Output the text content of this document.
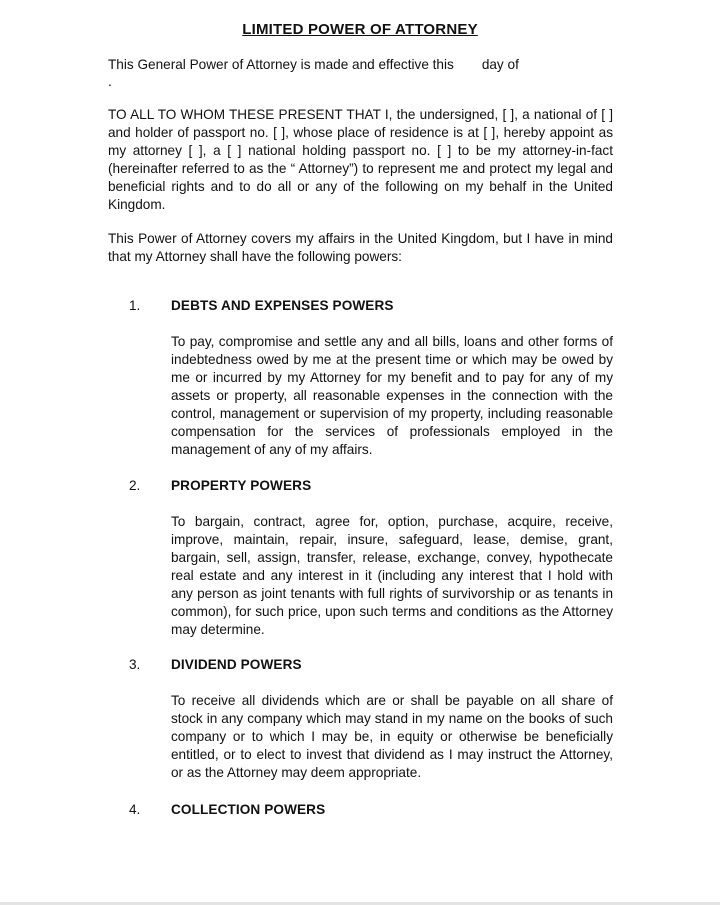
LIMITED POWER OF ATTORNEY
This General Power of Attorney is made and effective this day of
.

TO ALL TO WHOM THESE PRESENT THAT I, the undersigned, [ ], a national of [ ] and holder of passport no. [ ], whose place of residence is at [ ], hereby appoint as my attorney [ ], a [ ] national holding passport no. [ ] to be my attorney-in-fact (hereinafter referred to as the “ Attorney”) to represent me and protect my legal and beneficial rights and to do all or any of the following on my behalf in the United Kingdom.

This Power of Attorney covers my affairs in the United Kingdom, but I have in mind that my Attorney shall have the following powers:

1. DEBTS AND EXPENSES POWERS

To pay, compromise and settle any and all bills, loans and other forms of indebtedness owed by me at the present time or which may be owed by me or incurred by my Attorney for my benefit and to pay for any of my assets or property, all reasonable expenses in the connection with the control, management or supervision of my property, including reasonable compensation for the services of professionals employed in the management of any of my affairs.

2. PROPERTY POWERS

To bargain, contract, agree for, option, purchase, acquire, receive, improve, maintain, repair, insure, safeguard, lease, demise, grant, bargain, sell, assign, transfer, release, exchange, convey, hypothecate real estate and any interest in it (including any interest that I hold with any person as joint tenants with full rights of survivorship or as tenants in common), for such price, upon such terms and conditions as the Attorney may determine.

3. DIVIDEND POWERS

To receive all dividends which are or shall be payable on all share of stock in any company which may stand in my name on the books of such company or to which I may be, in equity or otherwise be beneficially entitled, or to elect to invest that dividend as I may instruct the Attorney, or as the Attorney may deem appropriate.

4. COLLECTION POWERS
